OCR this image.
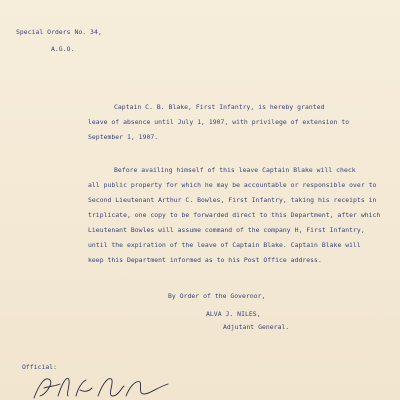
Special Orders No. 34,
A.G.O.
Captain C. B. Blake, First Infantry, is hereby granted
leave of absence until July 1, 1907, with privilege of extension to
September 1, 1907.
Before availing himself of this leave Captain Blake will check
all public property for which he may be accountable or responsible over to
Second Lieutenant Arthur C. Bowles, First Infantry, taking his receipts in
triplicate, one copy to be forwarded direct to this Department, after which
Lieutenant Bowles will assume command of the company H, First Infantry,
until the expiration of the leave of Captain Blake. Captain Blake will
keep this Department informed as to his Post Office address.
By Order of the Governor,
ALVA J. NILES,
Adjutant General.
Official:
